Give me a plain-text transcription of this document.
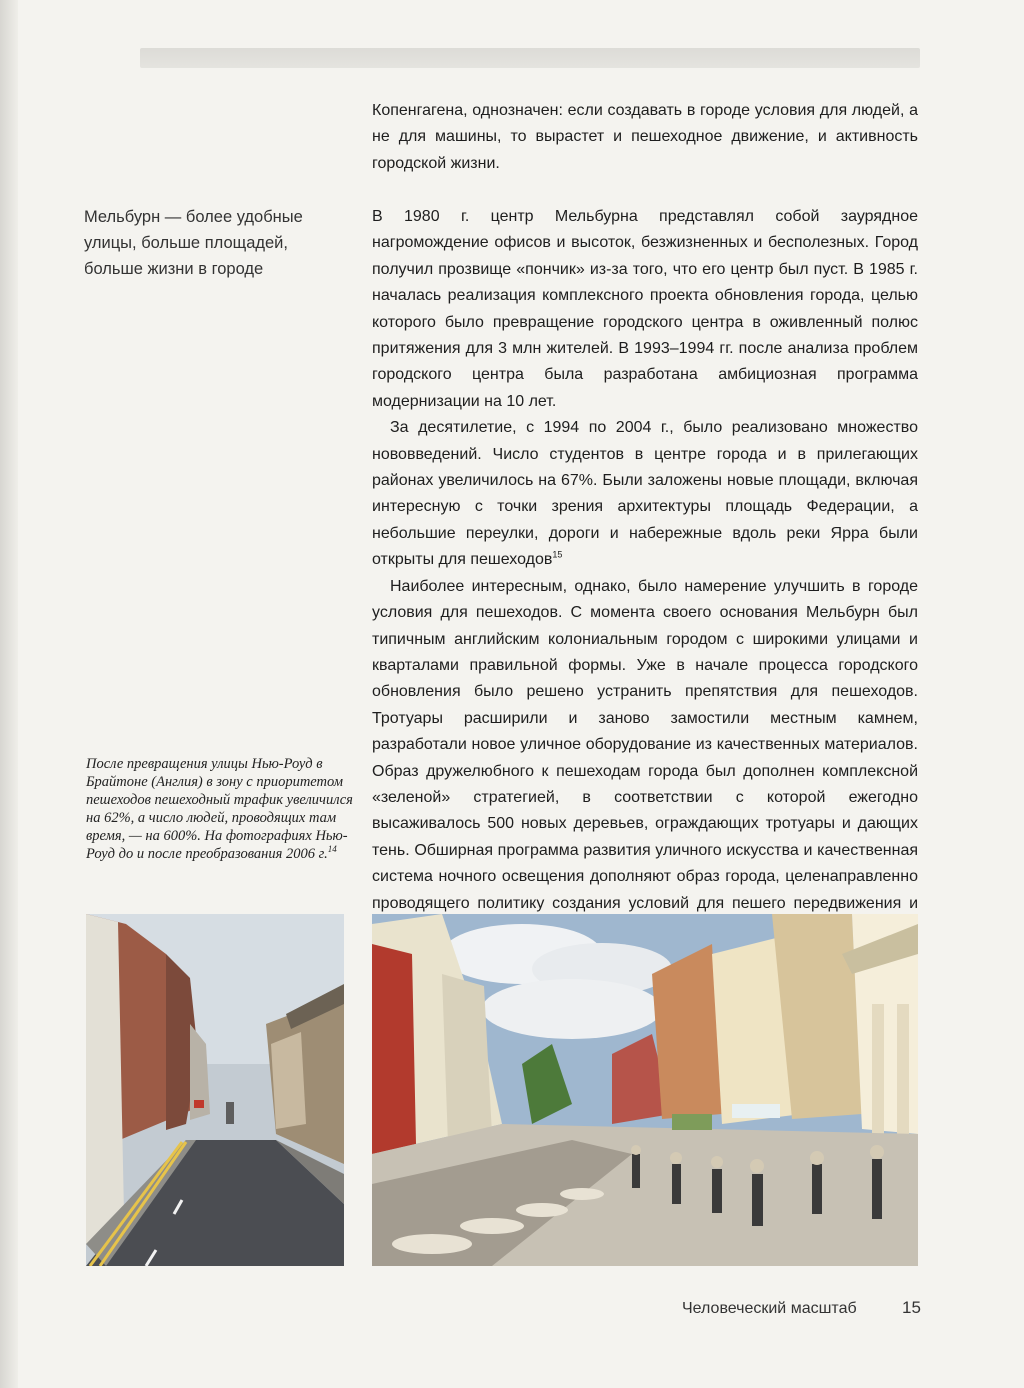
Копенгагена, однозначен: если создавать в городе условия для людей, а не для машины, то вырастет и пешеходное движение, и активность городской жизни.

Мельбурн — более удобные улицы, больше площадей, больше жизни в городе

В 1980 г. центр Мельбурна представлял собой заурядное нагромождение офисов и высоток, безжизненных и бесполезных. Город получил прозвище «пончик» из-за того, что его центр был пуст. В 1985 г. началась реализация комплексного проекта обновления города, целью которого было превращение городского центра в оживленный полюс притяжения для 3 млн жителей. В 1993–1994 гг. после анализа проблем городского центра была разработана амбициозная программа модернизации на 10 лет.

За десятилетие, с 1994 по 2004 г., было реализовано множество нововведений. Число студентов в центре города и в прилегающих районах увеличилось на 67%. Были заложены новые площади, включая интересную с точки зрения архитектуры площадь Федерации, а небольшие переулки, дороги и набережные вдоль реки Ярра были открыты для пешеходов$^{15}$

Наиболее интересным, однако, было намерение улучшить в городе условия для пешеходов. С момента своего основания Мельбурн был типичным английским колониальным городом с широкими улицами и кварталами правильной формы. Уже в начале процесса городского обновления было решено устранить препятствия для пешеходов. Тротуары расширили и заново замостили местным камнем, разработали новое уличное оборудование из качественных материалов. Образ дружелюбного к пешеходам города был дополнен комплексной «зеленой» стратегией, в соответствии с которой ежегодно высаживалось 500 новых деревьев, ограждающих тротуары и дающих тень. Обширная программа развития уличного искусства и качественная система ночного освещения дополняют образ города, целенаправленно проводящего политику создания условий для пешего передвижения и

После превращения улицы Нью-Роуд в Брайтоне (Англия) в зону с приоритетом пешеходов пешеходный трафик увеличился на 62%, а число людей, проводящих там время, — на 600%. На фотографиях Нью-Роуд до и после преобразования 2006 г.$^{14}$
Человеческий масштаб	15
